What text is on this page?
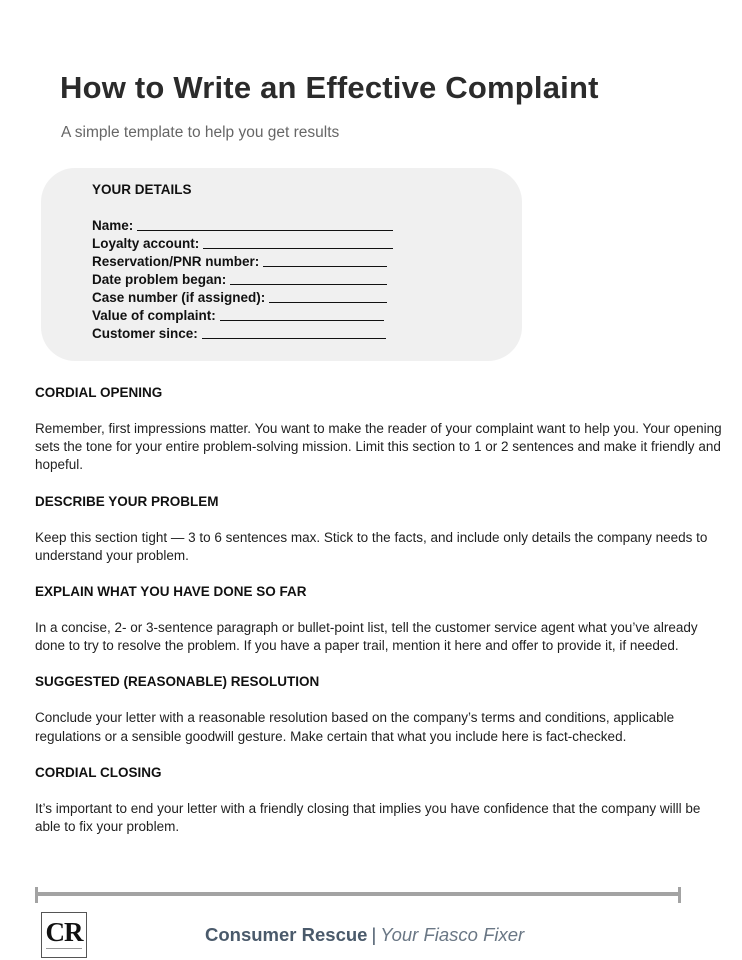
How to Write an Effective Complaint

A simple template to help you get results

YOUR DETAILS
Name:
Loyalty account:
Reservation/PNR number:
Date problem began:
Case number (if assigned):
Value of complaint:
Customer since:
CORDIAL OPENING
Remember, first impressions matter. You want to make the reader of your complaint want to help you. Your opening sets the tone for your entire problem-solving mission. Limit this section to 1 or 2 sentences and make it friendly and hopeful.
DESCRIBE YOUR PROBLEM
Keep this section tight — 3 to 6 sentences max. Stick to the facts, and include only details the company needs to understand your problem.
EXPLAIN WHAT YOU HAVE DONE SO FAR
In a concise, 2- or 3-sentence paragraph or bullet-point list, tell the customer service agent what you’ve already done to try to resolve the problem. If you have a paper trail, mention it here and offer to provide it, if needed.
SUGGESTED (REASONABLE) RESOLUTION
Conclude your letter with a reasonable resolution based on the company’s terms and conditions, applicable regulations or a sensible goodwill gesture. Make certain that what you include here is fact-checked.
CORDIAL CLOSING
It’s important to end your letter with a friendly closing that implies you have confidence that the company willl be able to fix your problem.
CR	Consumer Rescue | Your Fiasco Fixer
